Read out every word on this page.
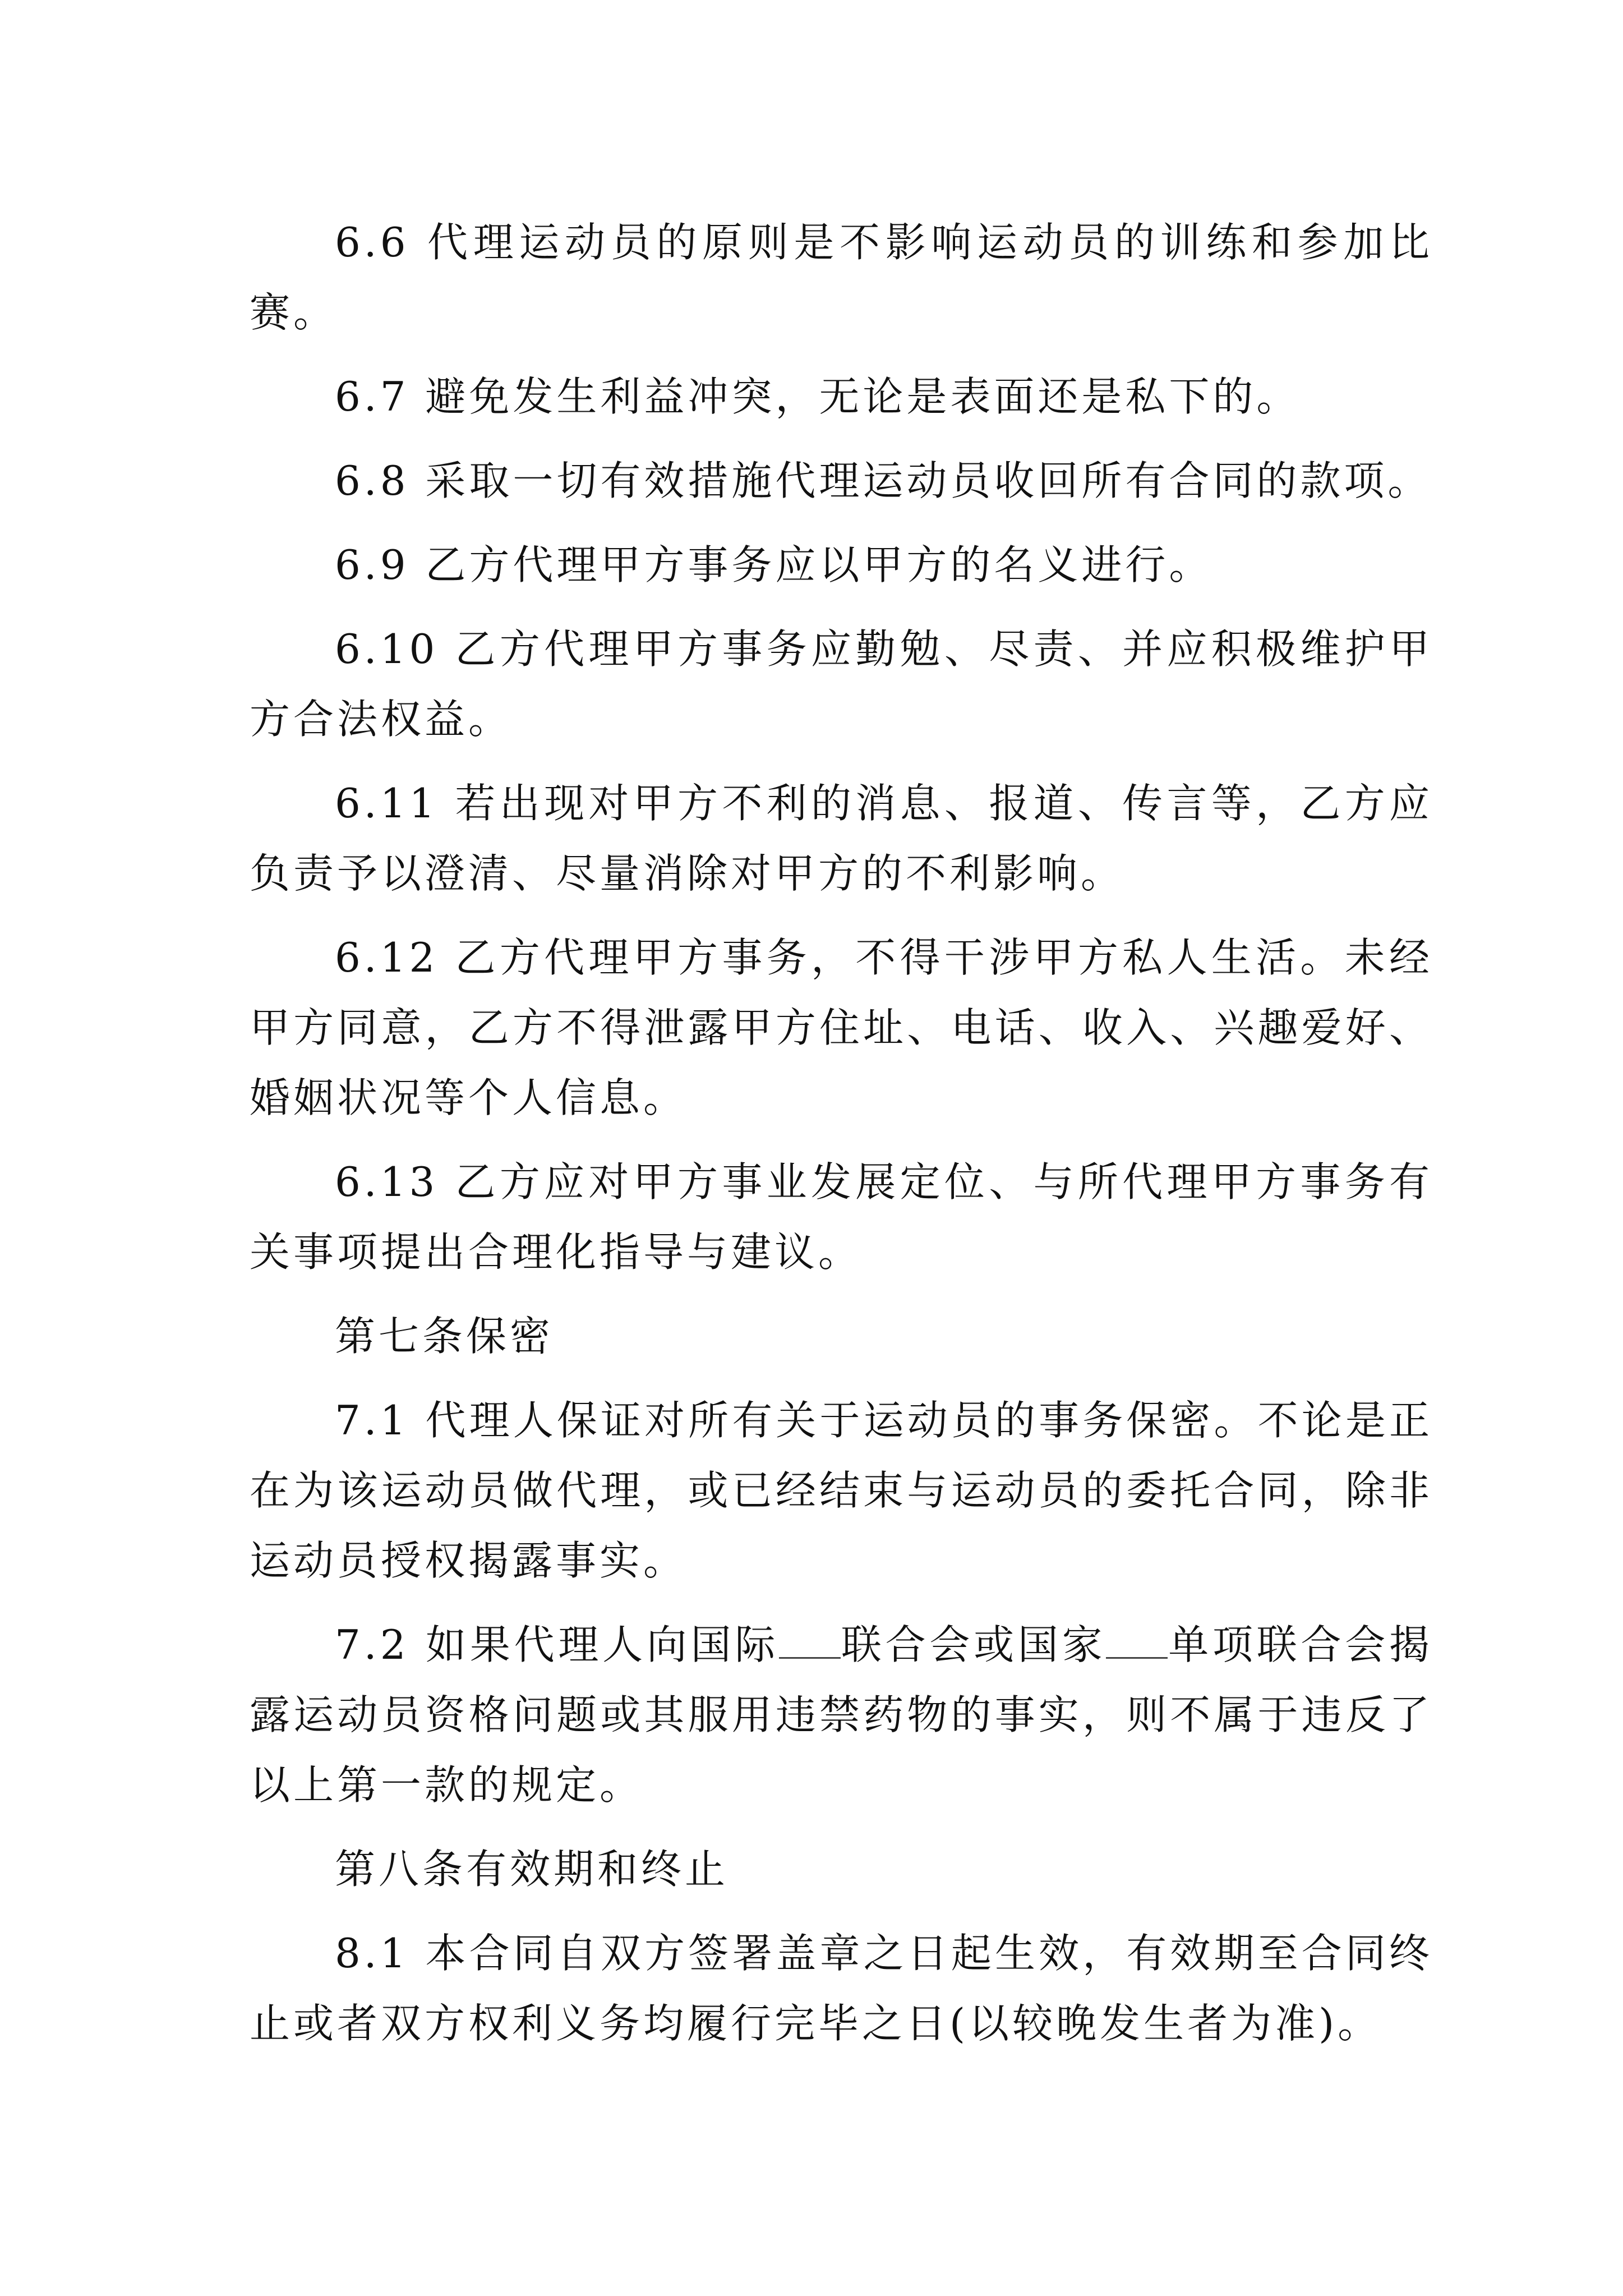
6.6 代理运动员的原则是不影响运动员的训练和参加比赛。

6.7 避免发生利益冲突，无论是表面还是私下的。

6.8 采取一切有效措施代理运动员收回所有合同的款项。

6.9 乙方代理甲方事务应以甲方的名义进行。

6.10 乙方代理甲方事务应勤勉、尽责、并应积极维护甲方合法权益。

6.11 若出现对甲方不利的消息、报道、传言等，乙方应负责予以澄清、尽量消除对甲方的不利影响。

6.12 乙方代理甲方事务，不得干涉甲方私人生活。未经甲方同意，乙方不得泄露甲方住址、电话、收入、兴趣爱好、婚姻状况等个人信息。

6.13 乙方应对甲方事业发展定位、与所代理甲方事务有关事项提出合理化指导与建议。

第七条保密

7.1 代理人保证对所有关于运动员的事务保密。不论是正在为该运动员做代理，或已经结束与运动员的委托合同，除非运动员授权揭露事实。

7.2 如果代理人向国际 联合会或国家 单项联合会揭露运动员资格问题或其服用违禁药物的事实，则不属于违反了以上第一款的规定。

第八条有效期和终止

8.1 本合同自双方签署盖章之日起生效，有效期至合同终止或者双方权利义务均履行完毕之日(以较晚发生者为准)。
